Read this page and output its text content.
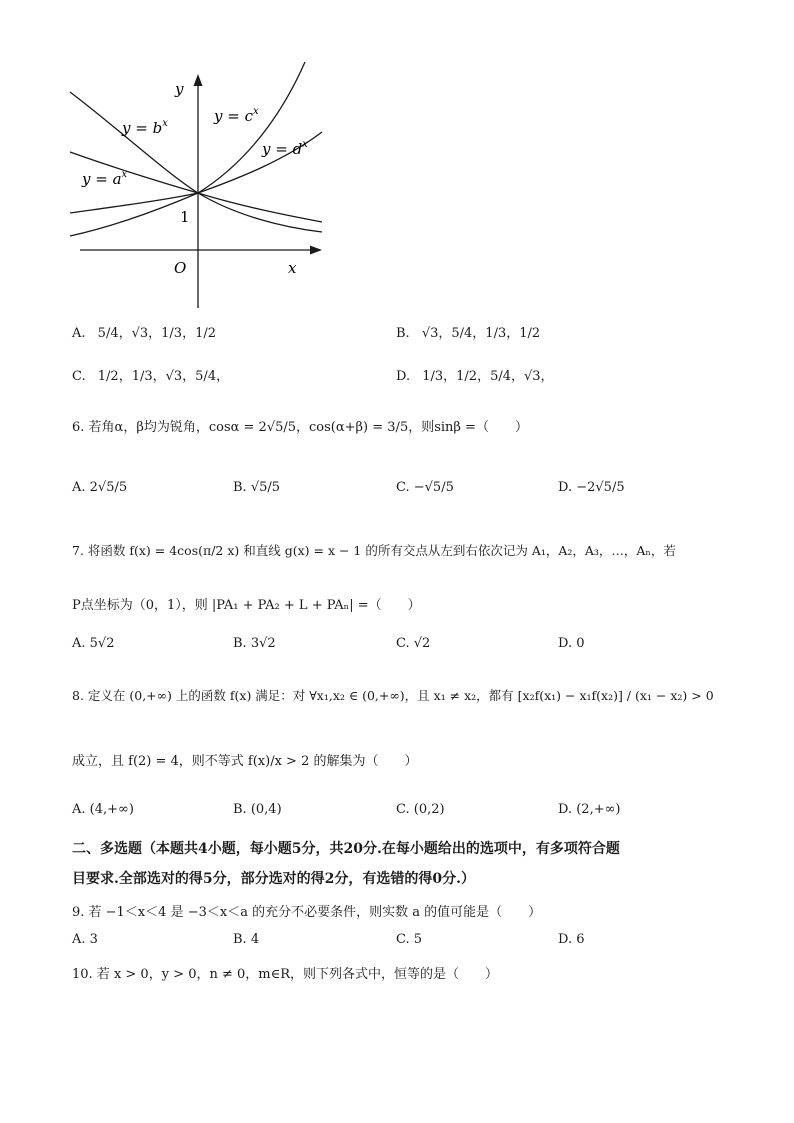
y
x
O
1
$y = b^x$	$y = c^x$
$y = d^x$
$y = a^x$
A. 5/4，√3，1/3，1/2	B. √3，5/4，1/3，1/2
C. 1/2，1/3，√3，5/4，	D. 1/3，1/2，5/4，√3，
6. 若角α，β均为锐角，cosα = 2√5/5，cos(α+β) = 3/5，则sinβ =（　　）
A. 2√5/5	B. √5/5	C. −√5/5	D. −2√5/5
7. 将函数 f(x) = 4cos(π/2 x) 和直线 g(x) = x − 1 的所有交点从左到右依次记为 A₁，A₂，A₃，…，Aₙ，若
P点坐标为（0，1），则 |PA₁ + PA₂ + L + PAₙ| =（　　）
A. 5√2	B. 3√2	C. √2	D. 0
8. 定义在 (0,+∞) 上的函数 f(x) 满足：对 ∀x₁,x₂ ∈ (0,+∞)，且 x₁ ≠ x₂，都有 [x₂f(x₁) − x₁f(x₂)] / (x₁ − x₂) > 0
成立，且 f(2) = 4，则不等式 f(x)/x > 2 的解集为（　　）
A. (4,+∞)	B. (0,4)	C. (0,2)	D. (2,+∞)
二、多选题（本题共4小题，每小题5分，共20分.在每小题给出的选项中，有多项符合题
目要求.全部选对的得5分，部分选对的得2分，有选错的得0分.）
9. 若 −1＜x＜4 是 −3＜x＜a 的充分不必要条件，则实数 a 的值可能是（　　）
A. 3	B. 4	C. 5	D. 6
10. 若 x > 0，y > 0，n ≠ 0，m∈R，则下列各式中，恒等的是（　　）
